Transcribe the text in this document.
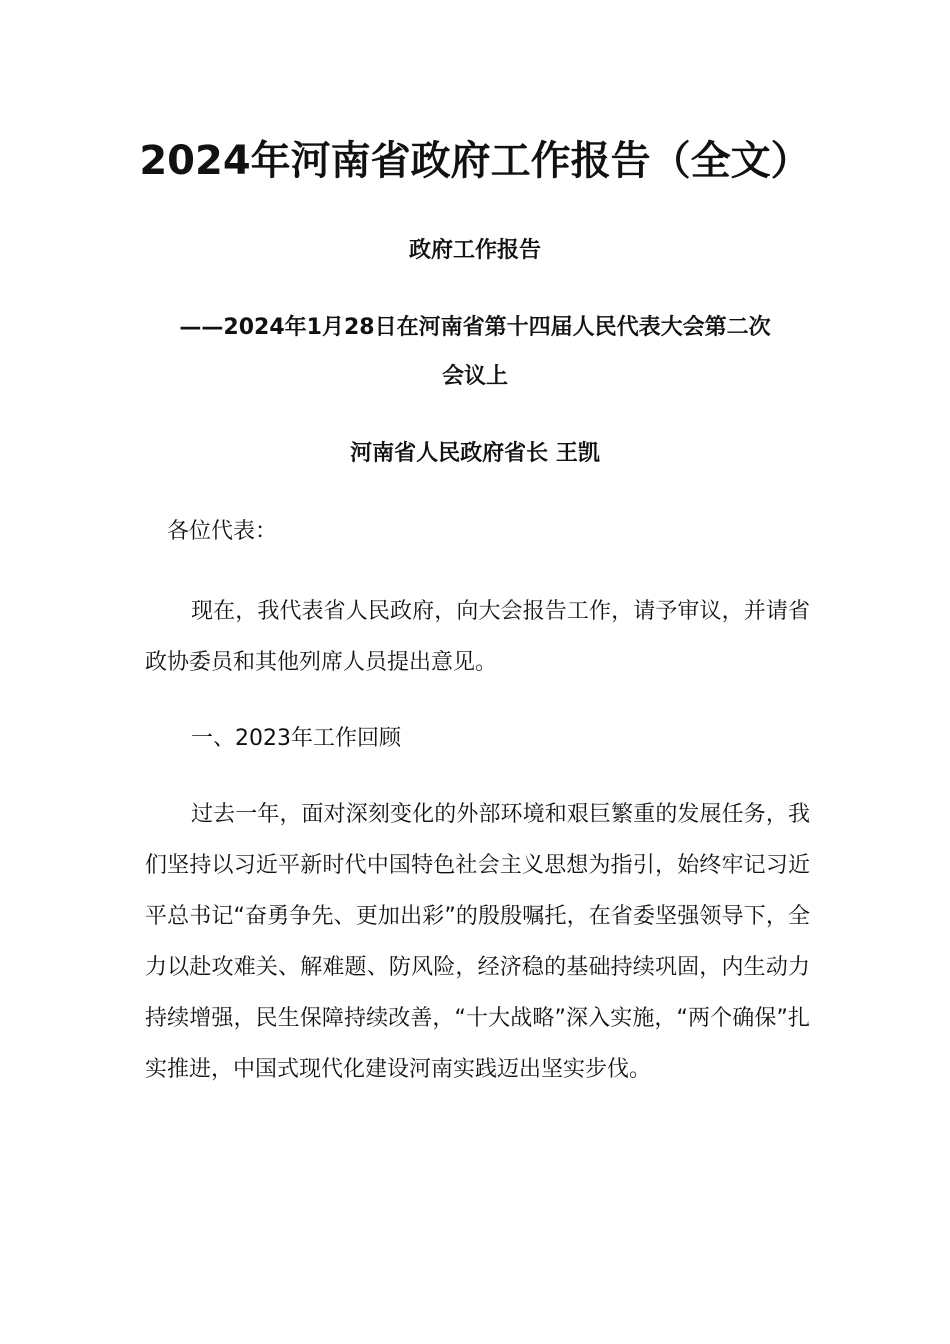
2024年河南省政府工作报告（全文）
政府工作报告
——2024年1月28日在河南省第十四届人民代表大会第二次
会议上
河南省人民政府省长 王凯
各位代表：

现在，我代表省人民政府，向大会报告工作，请予审议，并请省政协委员和其他列席人员提出意见。

一、2023年工作回顾

过去一年，面对深刻变化的外部环境和艰巨繁重的发展任务，我们坚持以习近平新时代中国特色社会主义思想为指引，始终牢记习近平总书记“奋勇争先、更加出彩”的殷殷嘱托，在省委坚强领导下，全力以赴攻难关、解难题、防风险，经济稳的基础持续巩固，内生动力持续增强，民生保障持续改善，“十大战略”深入实施，“两个确保”扎实推进，中国式现代化建设河南实践迈出坚实步伐。
